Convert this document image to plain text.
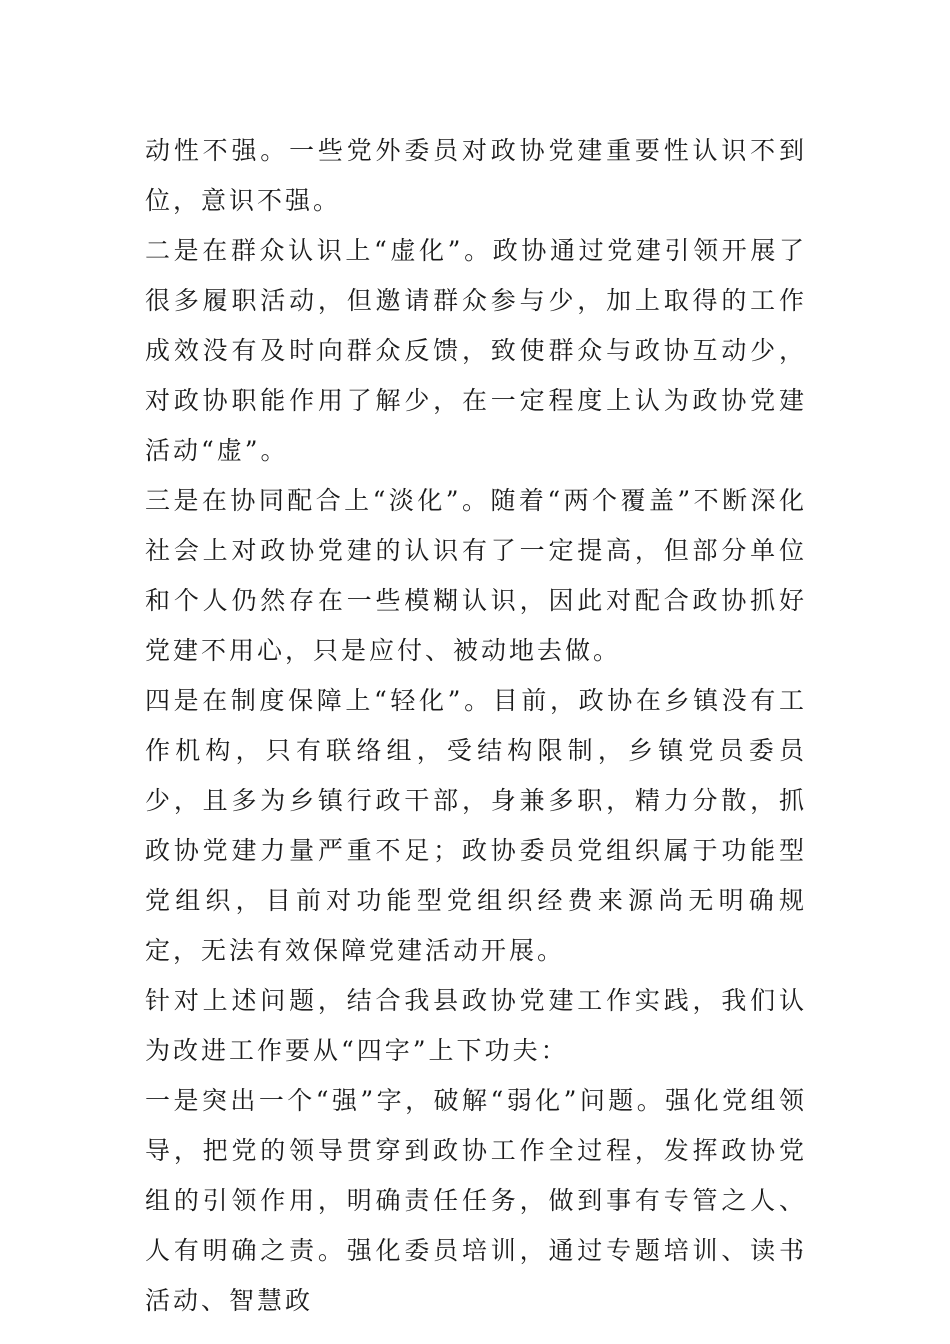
动性不强。一些党外委员对政协党建重要性认识不到位，意识不强。

二是在群众认识上“虚化”。政协通过党建引领开展了很多履职活动，但邀请群众参与少，加上取得的工作成效没有及时向群众反馈，致使群众与政协互动少，对政协职能作用了解少，在一定程度上认为政协党建活动“虚”。

三是在协同配合上“淡化”。随着“两个覆盖”不断深化社会上对政协党建的认识有了一定提高，但部分单位和个人仍然存在一些模糊认识，因此对配合政协抓好党建不用心，只是应付、被动地去做。

四是在制度保障上“轻化”。目前，政协在乡镇没有工作机构，只有联络组，受结构限制，乡镇党员委员少，且多为乡镇行政干部，身兼多职，精力分散，抓政协党建力量严重不足；政协委员党组织属于功能型党组织，目前对功能型党组织经费来源尚无明确规定，无法有效保障党建活动开展。

针对上述问题，结合我县政协党建工作实践，我们认为改进工作要从“四字”上下功夫：

一是突出一个“强”字，破解“弱化”问题。强化党组领导，把党的领导贯穿到政协工作全过程，发挥政协党组的引领作用，明确责任任务，做到事有专管之人、人有明确之责。强化委员培训，通过专题培训、读书活动、智慧政
